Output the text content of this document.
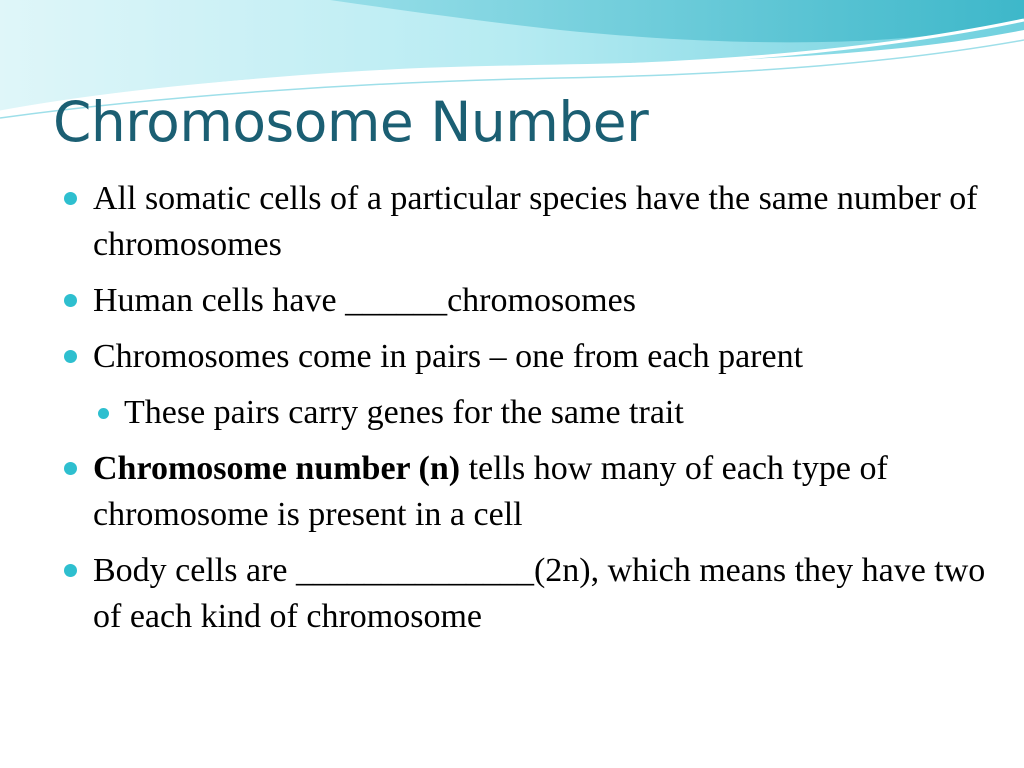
Chromosome Number
All somatic cells of a particular species have the same number of chromosomes
Human cells have ______chromosomes
Chromosomes come in pairs – one from each parent
These pairs carry genes for the same trait
Chromosome number (n) tells how many of each type of chromosome is present in a cell
Body cells are ______________(2n), which means they have two of each kind of chromosome
